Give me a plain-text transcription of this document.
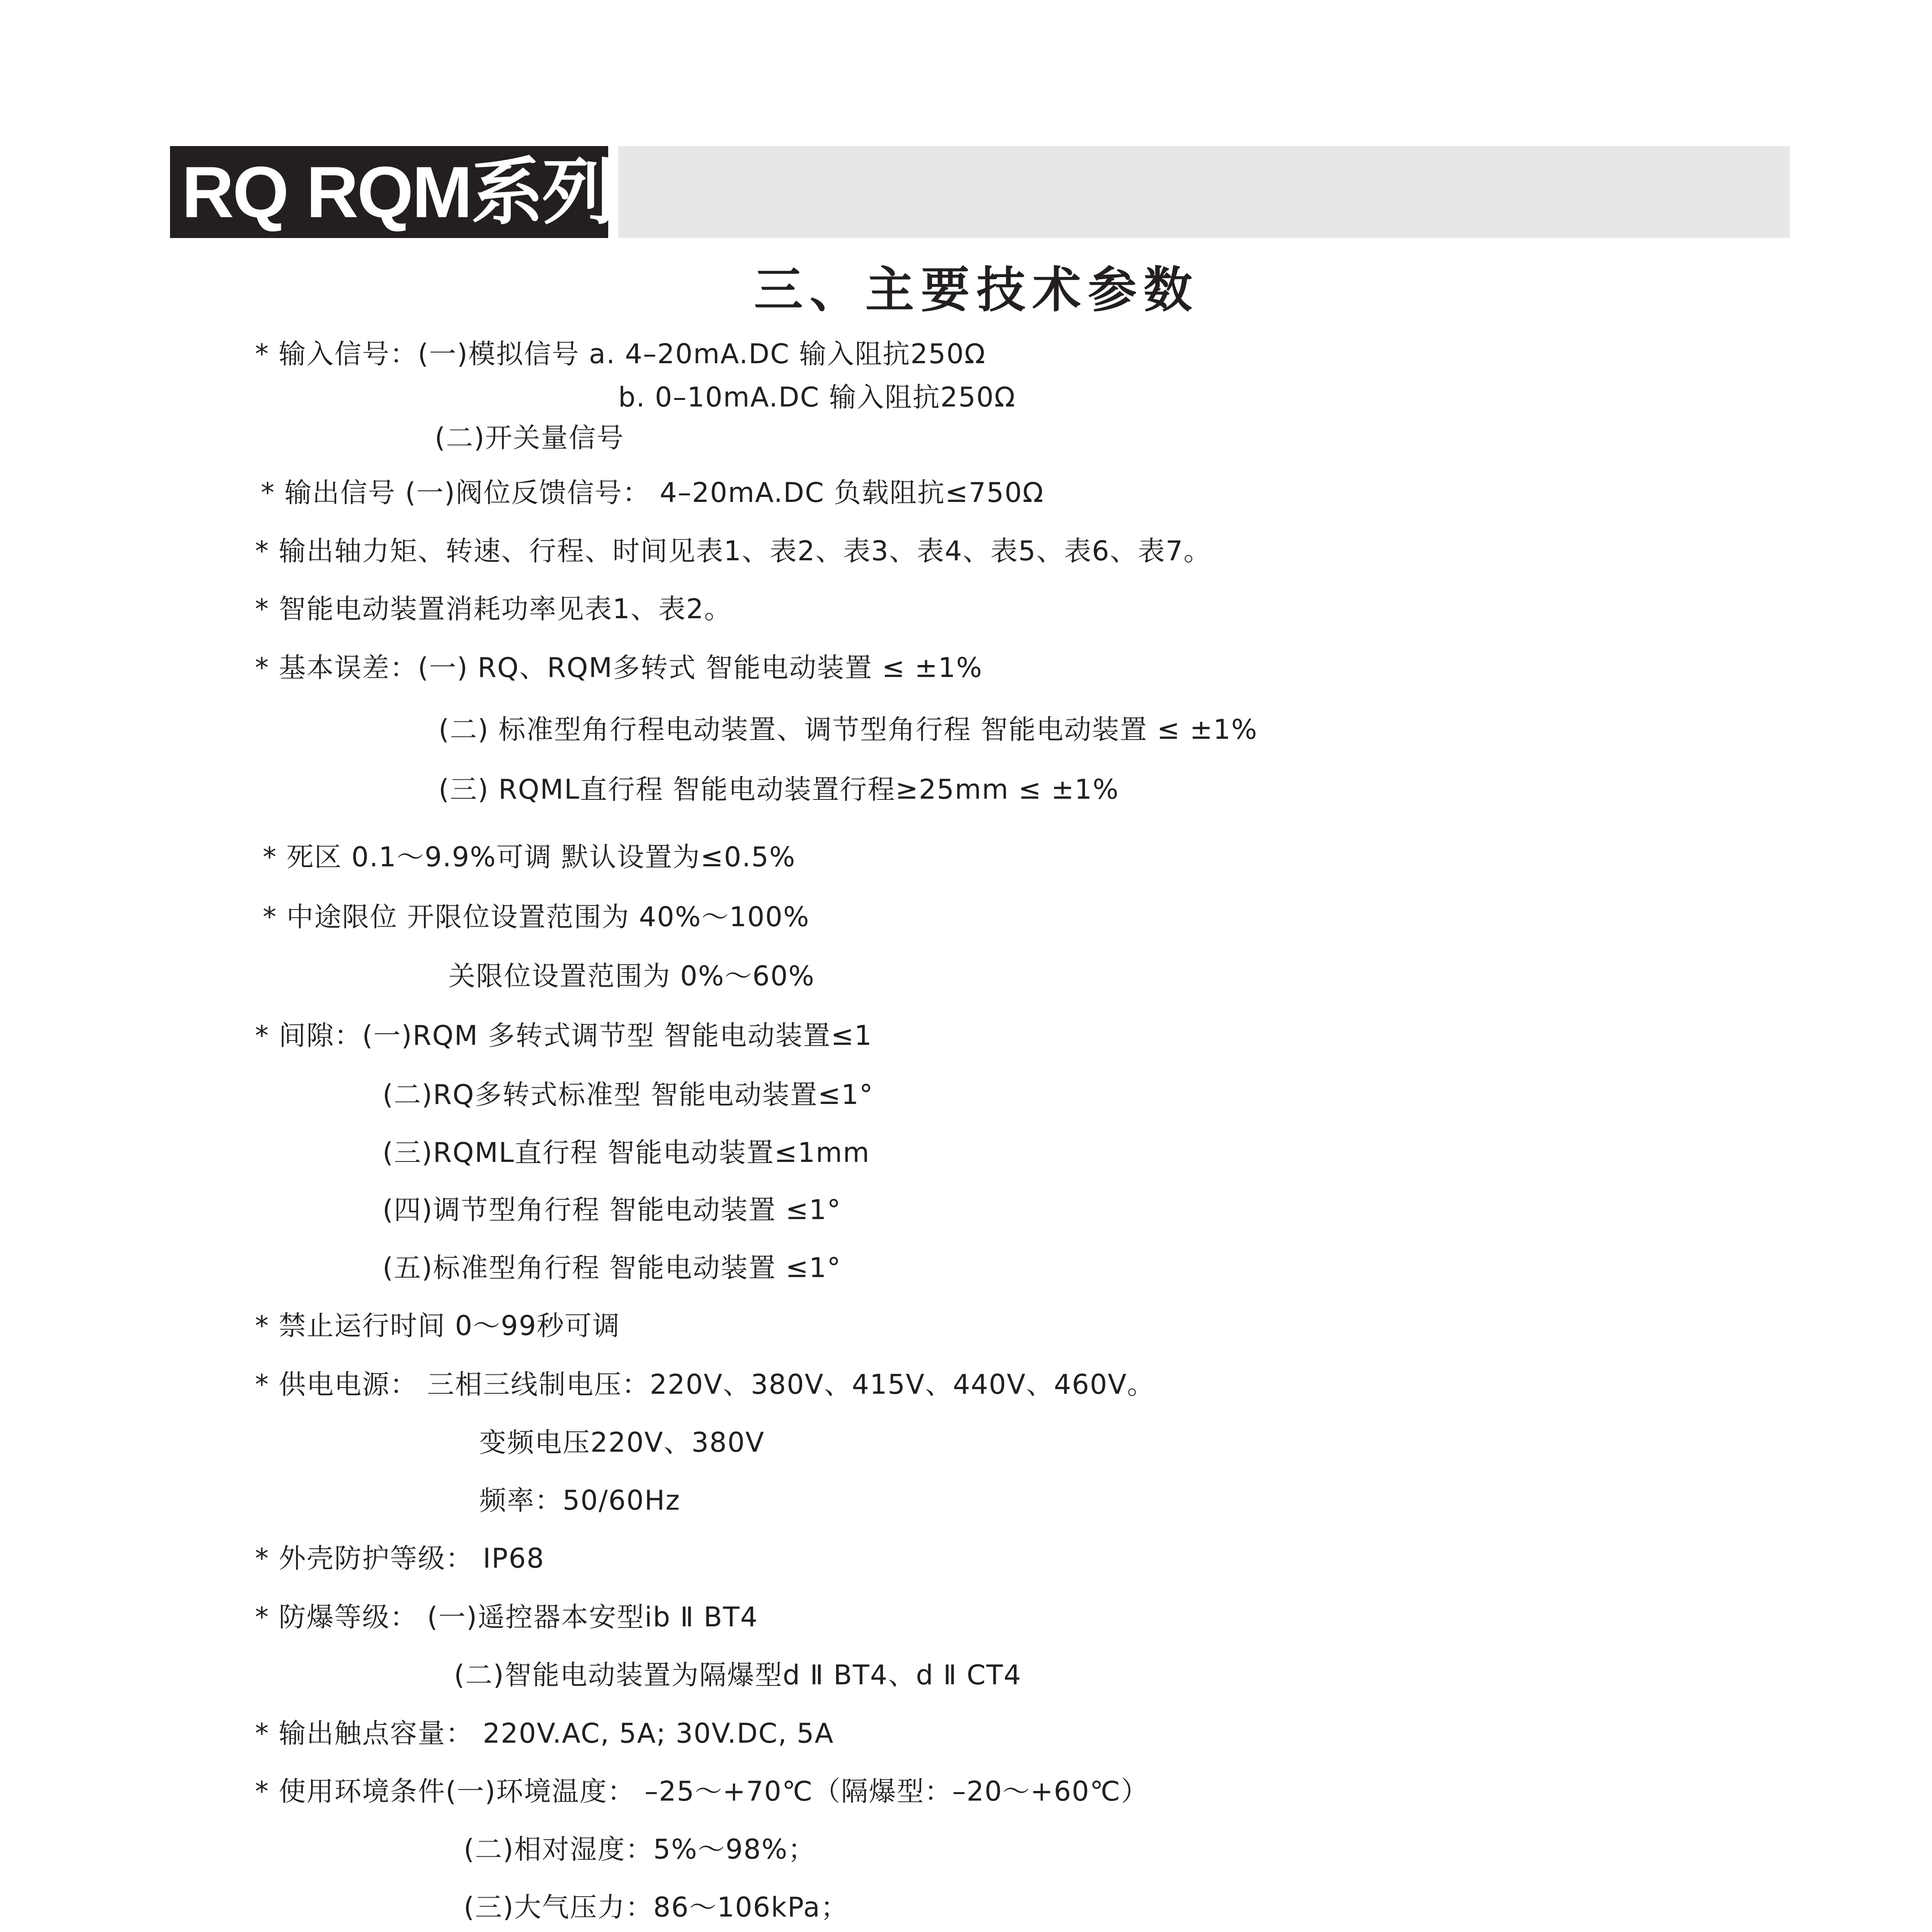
RQ RQM系列
三、主要技术参数
* 输入信号：(一)模拟信号 a. 4–20mA.DC 输入阻抗250Ω
b. 0–10mA.DC 输入阻抗250Ω
(二)开关量信号
* 输出信号 (一)阀位反馈信号： 4–20mA.DC 负载阻抗≤750Ω
* 输出轴力矩、转速、行程、时间见表1、表2、表3、表4、表5、表6、表7。
* 智能电动装置消耗功率见表1、表2。
* 基本误差：(一) RQ、RQM多转式 智能电动装置 ≤ ±1%
(二) 标准型角行程电动装置、调节型角行程 智能电动装置 ≤ ±1%
(三) RQML直行程 智能电动装置行程≥25mm ≤ ±1%
* 死区 0.1～9.9%可调 默认设置为≤0.5%
* 中途限位 开限位设置范围为 40%～100%
关限位设置范围为 0%～60%
* 间隙：(一)RQM 多转式调节型 智能电动装置≤1
(二)RQ多转式标准型 智能电动装置≤1°
(三)RQML直行程 智能电动装置≤1mm
(四)调节型角行程 智能电动装置 ≤1°
(五)标准型角行程 智能电动装置 ≤1°
* 禁止运行时间 0～99秒可调
* 供电电源： 三相三线制电压：220V、380V、415V、440V、460V。
变频电压220V、380V
频率：50/60Hz
* 外壳防护等级： IP68
* 防爆等级： (一)遥控器本安型ib Ⅱ BT4
(二)智能电动装置为隔爆型d Ⅱ BT4、d Ⅱ CT4
* 输出触点容量： 220V.AC, 5A; 30V.DC, 5A
* 使用环境条件(一)环境温度： –25～+70℃（隔爆型：–20～+60℃）
(二)相对湿度：5%～98%；
(三)大气压力：86～106kPa；
